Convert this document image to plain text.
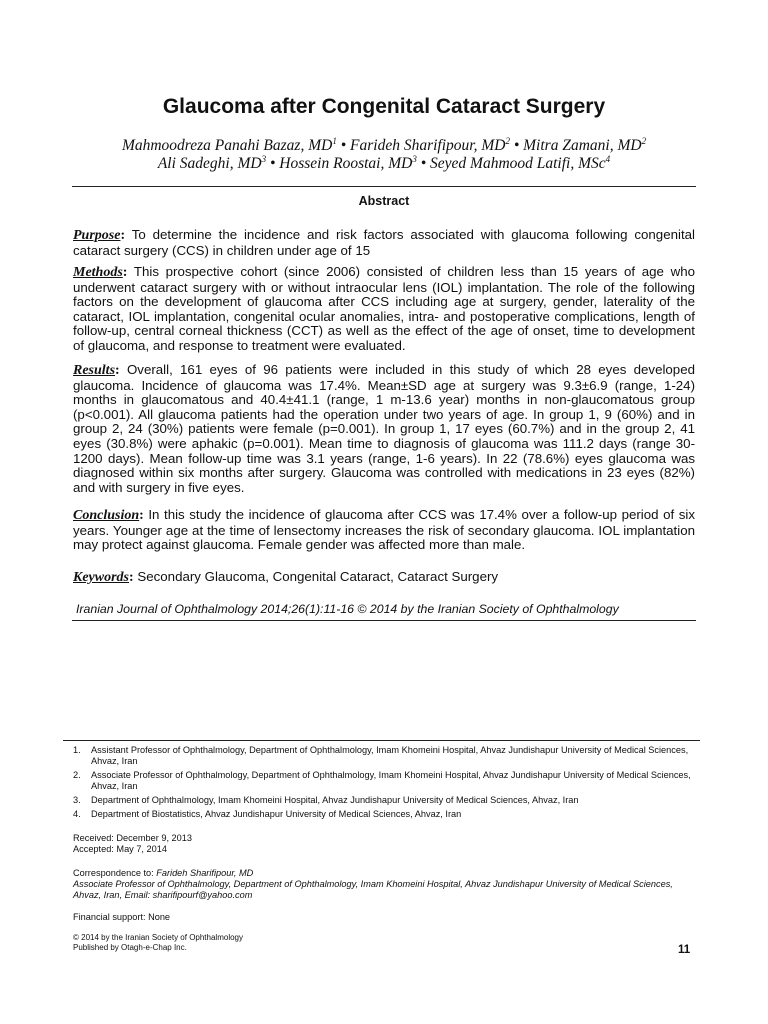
Glaucoma after Congenital Cataract Surgery
Mahmoodreza Panahi Bazaz, $MD^1$ • Farideh Sharifipour, $MD^2$ • Mitra Zamani, $MD^2$
Ali Sadeghi, $MD^3$ • Hossein Roostai, $MD^3$ • Seyed Mahmood Latifi, MSc$^4$
Abstract
Purpose: To determine the incidence and risk factors associated with glaucoma following congenital cataract surgery (CCS) in children under age of 15
Methods: This prospective cohort (since 2006) consisted of children less than 15 years of age who underwent cataract surgery with or without intraocular lens (IOL) implantation. The role of the following factors on the development of glaucoma after CCS including age at surgery, gender, laterality of the cataract, IOL implantation, congenital ocular anomalies, intra- and postoperative complications, length of follow-up, central corneal thickness (CCT) as well as the effect of the age of onset, time to development of glaucoma, and response to treatment were evaluated.
Results: Overall, 161 eyes of 96 patients were included in this study of which 28 eyes developed glaucoma. Incidence of glaucoma was 17.4%. Mean±SD age at surgery was 9.3±6.9 (range, 1-24) months in glaucomatous and 40.4±41.1 (range, 1 m-13.6 year) months in non-glaucomatous group (p<0.001). All glaucoma patients had the operation under two years of age. In group 1, 9 (60%) and in group 2, 24 (30%) patients were female (p=0.001). In group 1, 17 eyes (60.7%) and in the group 2, 41 eyes (30.8%) were aphakic (p=0.001). Mean time to diagnosis of glaucoma was 111.2 days (range 30-1200 days). Mean follow-up time was 3.1 years (range, 1-6 years). In 22 (78.6%) eyes glaucoma was diagnosed within six months after surgery. Glaucoma was controlled with medications in 23 eyes (82%) and with surgery in five eyes.
Conclusion: In this study the incidence of glaucoma after CCS was 17.4% over a follow-up period of six years. Younger age at the time of lensectomy increases the risk of secondary glaucoma. IOL implantation may protect against glaucoma. Female gender was affected more than male.
Keywords: Secondary Glaucoma, Congenital Cataract, Cataract Surgery
Iranian Journal of Ophthalmology 2014;26(1):11-16 © 2014 by the Iranian Society of Ophthalmology
1.	Assistant Professor of Ophthalmology, Department of Ophthalmology, Imam Khomeini Hospital, Ahvaz Jundishapur University of Medical Sciences, Ahvaz, Iran
2.	Associate Professor of Ophthalmology, Department of Ophthalmology, Imam Khomeini Hospital, Ahvaz Jundishapur University of Medical Sciences, Ahvaz, Iran
3.	Department of Ophthalmology, Imam Khomeini Hospital, Ahvaz Jundishapur University of Medical Sciences, Ahvaz, Iran
4.	Department of Biostatistics, Ahvaz Jundishapur University of Medical Sciences, Ahvaz, Iran
Received: December 9, 2013
Accepted: May 7, 2014
Correspondence to: Farideh Sharifipour, MD
Associate Professor of Ophthalmology, Department of Ophthalmology, Imam Khomeini Hospital, Ahvaz Jundishapur University of Medical Sciences, Ahvaz, Iran, Email: sharifipourf@yahoo.com
Financial support: None
© 2014 by the Iranian Society of Ophthalmology
Published by Otagh-e-Chap Inc.	11
